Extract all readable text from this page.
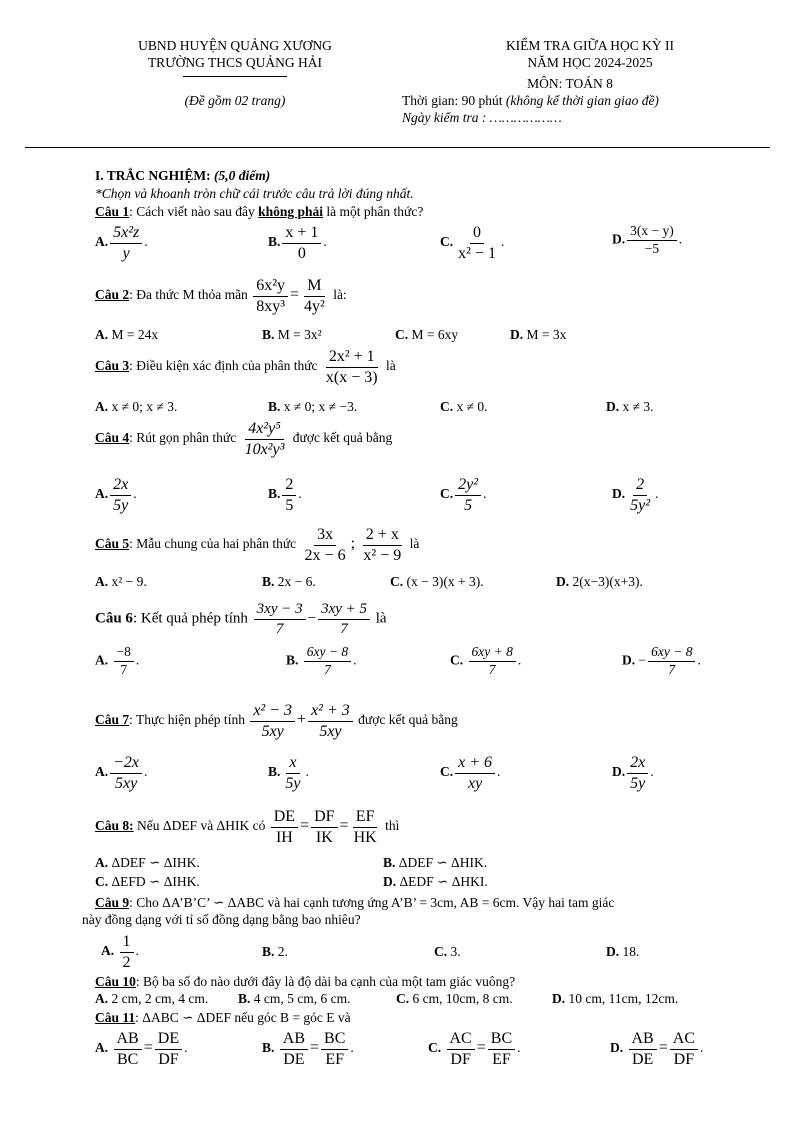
UBND HUYỆN QUẢNG XƯƠNG
TRƯỜNG THCS QUẢNG HẢI
(Đề gồm 02 trang)
KIỂM TRA GIỮA HỌC KỲ II
NĂM HỌC 2024-2025
MÔN: TOÁN 8
Thời gian: 90 phút (không kể thời gian giao đề)
Ngày kiểm tra : ………………
I. TRẮC NGHIỆM: (5,0 điểm)
*Chọn và khoanh tròn chữ cái trước câu trả lời đúng nhất.
Câu 1: Cách viết nào sau đây không phải là một phân thức?
A. $\frac{\text{5x²z}}{y}$ .	B. $\frac{x + 1}{0}$ .	C. $\frac{0}{\text{x² − 1}}$ .	D. $\frac{3(x - y)}{-5}$ .
Câu 2: Đa thức M thỏa mãn $\frac{\text{6x²y}}{\text{8xy³}} = \frac{M}{\text{4y²}}$ là:
A. M = 24x	B. M = 3x²	C. M = 6xy	D. M = 3x
Câu 3: Điều kiện xác định của phân thức $\frac{\text{2x² + 1}}{x(x - 3)}$ là
A. x ≠ 0; x ≠ 3.	B. x ≠ 0; x ≠ −3.	C. x ≠ 0.	D. x ≠ 3.
Câu 4: Rút gọn phân thức $\frac{\text{4x²y⁵}}{\text{10x²y³}}$ được kết quả bằng
A. $\frac{2x}{5y}$ .	B. $\frac{2}{5}$ .	C. $\frac{\text{2y²}}{5}$ .	D. $\frac{2}{\text{5y²}}$ .
Câu 5: Mẫu chung của hai phân thức $\frac{3x}{2x - 6}$ ; $\frac{2 + x}{\text{x² − 9}}$ là
A. x² − 9.	B. 2x − 6.	C. (x − 3)(x + 3).	D. 2(x−3)(x+3).
Câu 6: Kết quả phép tính $\frac{3xy - 3}{7} - \frac{3xy + 5}{7}$ là
A. $\frac{-8}{7}$ .	B. $\frac{6xy - 8}{7}$ .	C. $\frac{6xy + 8}{7}$ .	D. − $\frac{6xy - 8}{7}$ .
Câu 7: Thực hiện phép tính $\frac{\text{x² − 3}}{5xy} + \frac{\text{x² + 3}}{5xy}$ được kết quả bằng
A. $\frac{-2x}{5xy}$ .	B. $\frac{x}{5y}$ .	C. $\frac{x + 6}{xy}$ .	D. $\frac{2x}{5y}$ .
Câu 8: Nếu ΔDEF và ΔHIK có $\frac{DE}{IH} = \frac{DF}{IK} = \frac{EF}{HK}$ thì
A. ΔDEF ∽ ΔIHK.	B. ΔDEF ∽ ΔHIK.
C. ΔEFD ∽ ΔIHK.	D. ΔEDF ∽ ΔHKI.
Câu 9: Cho ΔA’B’C’ ∽ ΔABC và hai cạnh tương ứng A’B’ = 3cm, AB = 6cm. Vậy hai tam giác
này đồng dạng với tỉ số đồng dạng bằng bao nhiêu?
A. $\frac{1}{2}$ .	B. 2.	C. 3.	D. 18.
Câu 10: Bộ ba số đo nào dưới đây là độ dài ba cạnh của một tam giác vuông?
A. 2 cm, 2 cm, 4 cm. B. 4 cm, 5 cm, 6 cm.	C. 6 cm, 10cm, 8 cm.	D. 10 cm, 11cm, 12cm.
Câu 11: ΔABC ∽ ΔDEF nếu góc B = góc E và
A. $\frac{AB}{BC} = \frac{DE}{DF}$ .	B. $\frac{AB}{DE} = \frac{BC}{EF}$ .	C. $\frac{AC}{DF} = \frac{BC}{EF}$ .	D. $\frac{AB}{DE} = \frac{AC}{DF}$ .
